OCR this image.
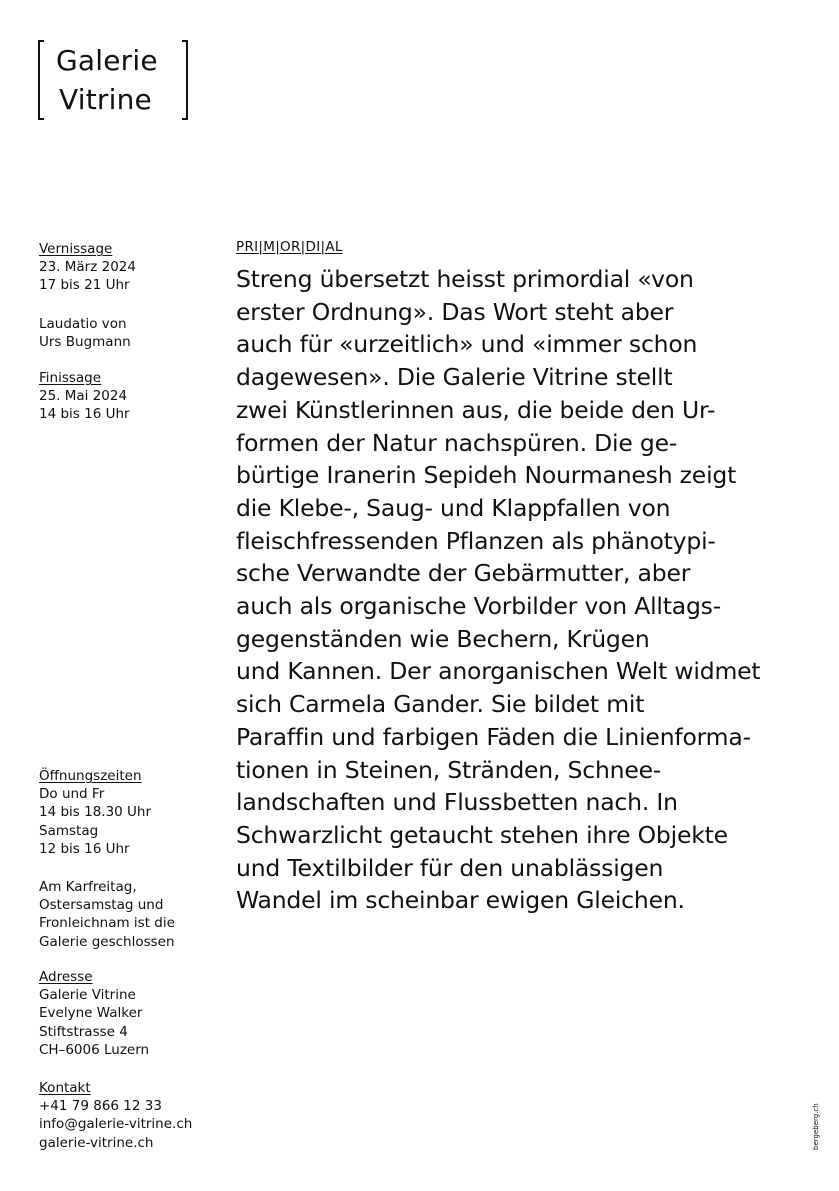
Galerie
Vitrine
Vernissage
23. März 2024
17 bis 21 Uhr
Laudatio von
Urs Bugmann
Finissage
25. Mai 2024
14 bis 16 Uhr
Öffnungszeiten
Do und Fr
14 bis 18.30 Uhr
Samstag
12 bis 16 Uhr
Am Karfreitag,
Ostersamstag und
Fronleichnam ist die
Galerie geschlossen
Adresse
Galerie Vitrine
Evelyne Walker
Stiftstrasse 4
CH–6006 Luzern
Kontakt
+41 79 866 12 33
info@galerie-vitrine.ch
galerie-vitrine.ch
PRI|M|OR|DI|AL
Streng übersetzt heisst primordial «von
erster Ordnung». Das Wort steht aber
auch für «urzeitlich» und «immer schon
dagewesen». Die Galerie Vitrine stellt
zwei Künstlerinnen aus, die beide den Ur-
formen der Natur nachspüren. Die ge-
bürtige Iranerin Sepideh Nourmanesh zeigt
die Klebe-, Saug- und Klappfallen von
fleischfressenden Pflanzen als phänotypi-
sche Verwandte der Gebärmutter, aber
auch als organische Vorbilder von Alltags-
gegenständen wie Bechern, Krügen
und Kannen. Der anorganischen Welt widmet
sich Carmela Gander. Sie bildet mit
Paraffin und farbigen Fäden die Linienforma-
tionen in Steinen, Stränden, Schnee-
landschaften und Flussbetten nach. In
Schwarzlicht getaucht stehen ihre Objekte
und Textilbilder für den unablässigen
Wandel im scheinbar ewigen Gleichen.
bergeberg.ch
